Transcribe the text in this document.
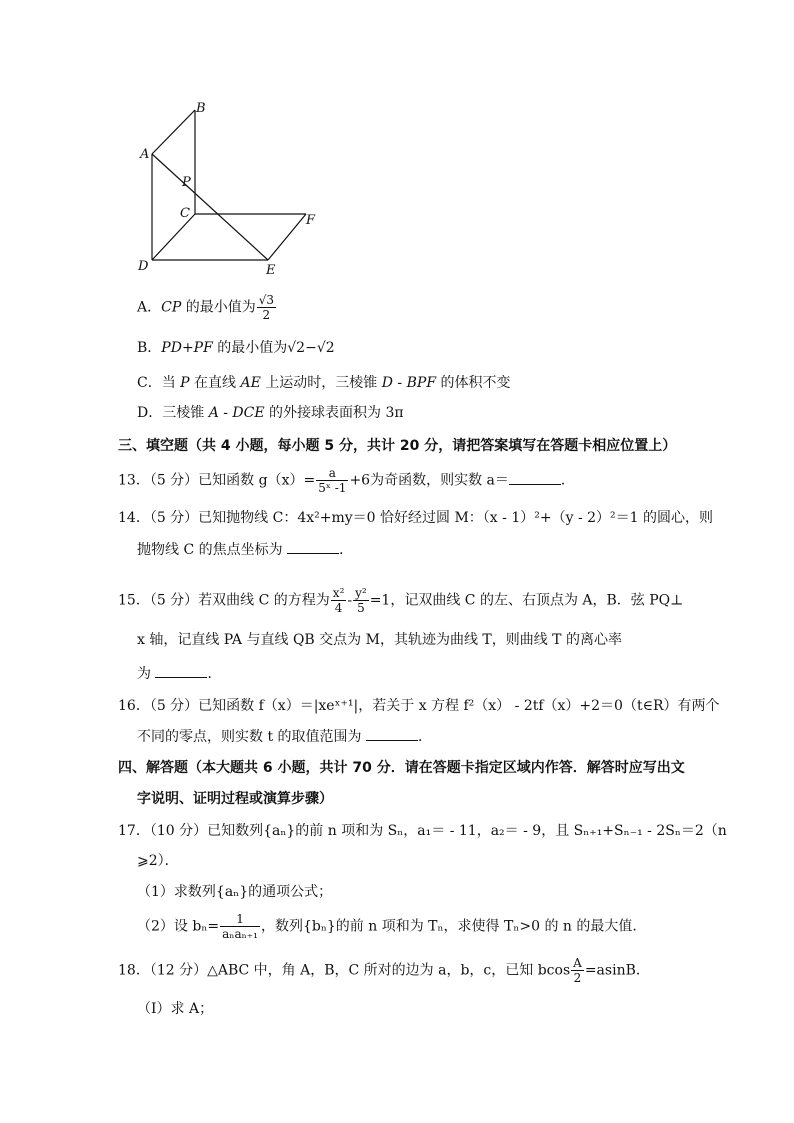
B
A
P
C	F
D	E
A．CP 的最小值为 $\frac{√3}{2}$
B．PD+PF 的最小值为√2−√2
C．当 P 在直线 AE 上运动时，三棱锥 D - BPF 的体积不变
D．三棱锥 A - DCE 的外接球表面积为 3π
三、填空题（共 4 小题，每小题 5 分，共计 20 分，请把答案填写在答题卡相应位置上）
13．（5 分）已知函数 $g(x)= \frac{a}{\text{5ˣ -1}} +6$为奇函数，则实数 a＝	．
14．（5 分）已知抛物线 C：4x²+my＝0 恰好经过圆 M：（x - 1）²+（y - 2）²＝1 的圆心，则
抛物线 C 的焦点坐标为	．
15．（5 分）若双曲线 C 的方程为 $\frac{\text{x²}}{4} - \frac{\text{y²}}{5} =1$，记双曲线 C 的左、右顶点为 A，B．弦 PQ⊥
x 轴，记直线 PA 与直线 QB 交点为 M，其轨迹为曲线 T，则曲线 T 的离心率
为	．
16．（5 分）已知函数 f（x）＝|xeˣ⁺¹|，若关于 x 方程 f²（x） - 2tf（x）+2＝0（t∈R）有两个
不同的零点，则实数 t 的取值范围为	．
四、解答题（本大题共 6 小题，共计 70 分．请在答题卡指定区域内作答．解答时应写出文
字说明、证明过程或演算步骤）
17．（10 分）已知数列{aₙ}的前 n 项和为 Sₙ，a₁＝ - 11，a₂＝ - 9，且 Sₙ₊₁+Sₙ₋₁ - 2Sₙ＝2（n
⩾2）．
（1）求数列{aₙ}的通项公式；
（2）设 $b_n= \frac{1}{\text{aₙaₙ₊₁}}$ ，数列{bₙ}的前 n 项和为 Tₙ，求使得 Tₙ>0 的 n 的最大值．
18．（12 分）△ABC 中，角 A，B，C 所对的边为 a，b，c，已知 bcos $\frac{A}{2} =asinB$．
（Ⅰ）求 A；
